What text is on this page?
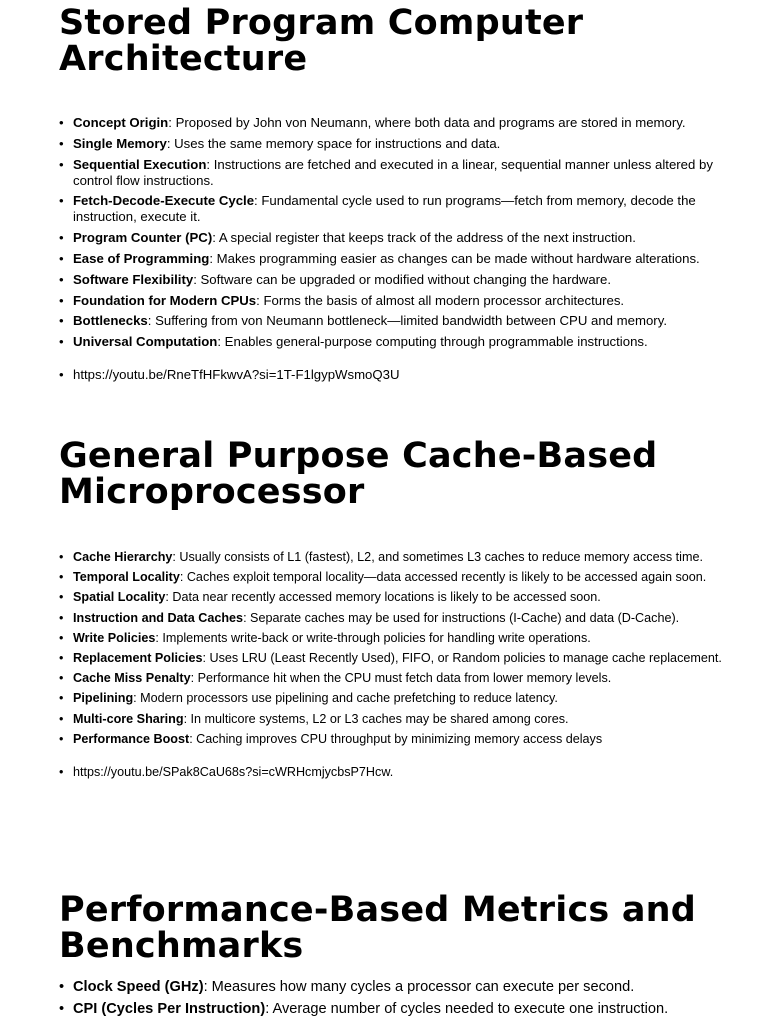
Stored Program Computer Architecture
• Concept Origin: Proposed by John von Neumann, where both data and programs are stored in memory.
• Single Memory: Uses the same memory space for instructions and data.
• Sequential Execution: Instructions are fetched and executed in a linear, sequential manner unless altered by control flow instructions.
• Fetch-Decode-Execute Cycle: Fundamental cycle used to run programs—fetch from memory, decode the instruction, execute it.
• Program Counter (PC): A special register that keeps track of the address of the next instruction.
• Ease of Programming: Makes programming easier as changes can be made without hardware alterations.
• Software Flexibility: Software can be upgraded or modified without changing the hardware.
• Foundation for Modern CPUs: Forms the basis of almost all modern processor architectures.
• Bottlenecks: Suffering from von Neumann bottleneck—limited bandwidth between CPU and memory.
• Universal Computation: Enables general-purpose computing through programmable instructions.
• https://youtu.be/RneTfHFkwvA?si=1T-F1lgypWsmoQ3U
General Purpose Cache-Based Microprocessor
• Cache Hierarchy: Usually consists of L1 (fastest), L2, and sometimes L3 caches to reduce memory access time.
• Temporal Locality: Caches exploit temporal locality—data accessed recently is likely to be accessed again soon.
• Spatial Locality: Data near recently accessed memory locations is likely to be accessed soon.
• Instruction and Data Caches: Separate caches may be used for instructions (I-Cache) and data (D-Cache).
• Write Policies: Implements write-back or write-through policies for handling write operations.
• Replacement Policies: Uses LRU (Least Recently Used), FIFO, or Random policies to manage cache replacement.
• Cache Miss Penalty: Performance hit when the CPU must fetch data from lower memory levels.
• Pipelining: Modern processors use pipelining and cache prefetching to reduce latency.
• Multi-core Sharing: In multicore systems, L2 or L3 caches may be shared among cores.
• Performance Boost: Caching improves CPU throughput by minimizing memory access delays
• https://youtu.be/SPak8CaU68s?si=cWRHcmjycbsP7Hcw.
Performance-Based Metrics and Benchmarks
• Clock Speed (GHz): Measures how many cycles a processor can execute per second.
• CPI (Cycles Per Instruction): Average number of cycles needed to execute one instruction.
